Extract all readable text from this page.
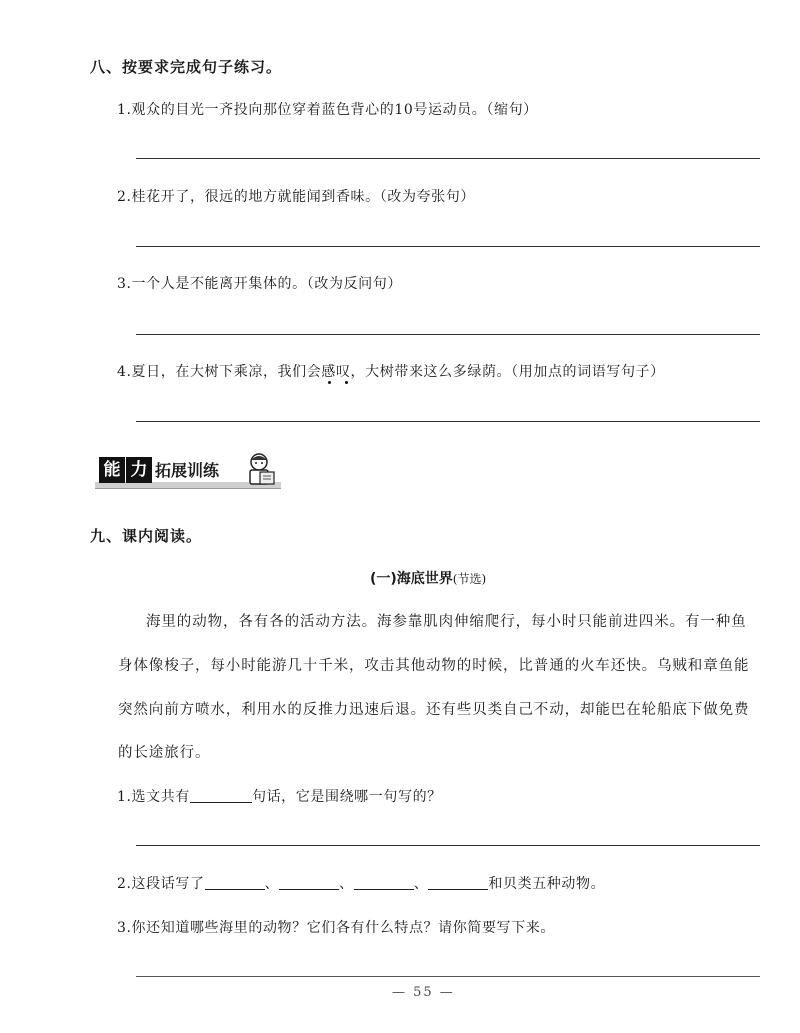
八、按要求完成句子练习。
1.观众的目光一齐投向那位穿着蓝色背心的10号运动员。（缩句）
2.桂花开了，很远的地方就能闻到香味。（改为夸张句）
3.一个人是不能离开集体的。（改为反问句）
4.夏日，在大树下乘凉，我们会感叹，大树带来这么多绿荫。（用加点的词语写句子）
能 力 拓展训练
九、课内阅读。
(一)海底世界(节选)
海里的动物，各有各的活动方法。海参靠肌肉伸缩爬行，每小时只能前进四米。有一种鱼
身体像梭子，每小时能游几十千米，攻击其他动物的时候，比普通的火车还快。乌贼和章鱼能
突然向前方喷水，利用水的反推力迅速后退。还有些贝类自己不动，却能巴在轮船底下做免费
的长途旅行。
1.选文共有	句话，它是围绕哪一句写的？
2.这段话写了	、	、	、	和贝类五种动物。
3.你还知道哪些海里的动物？它们各有什么特点？请你简要写下来。
— 55 —
